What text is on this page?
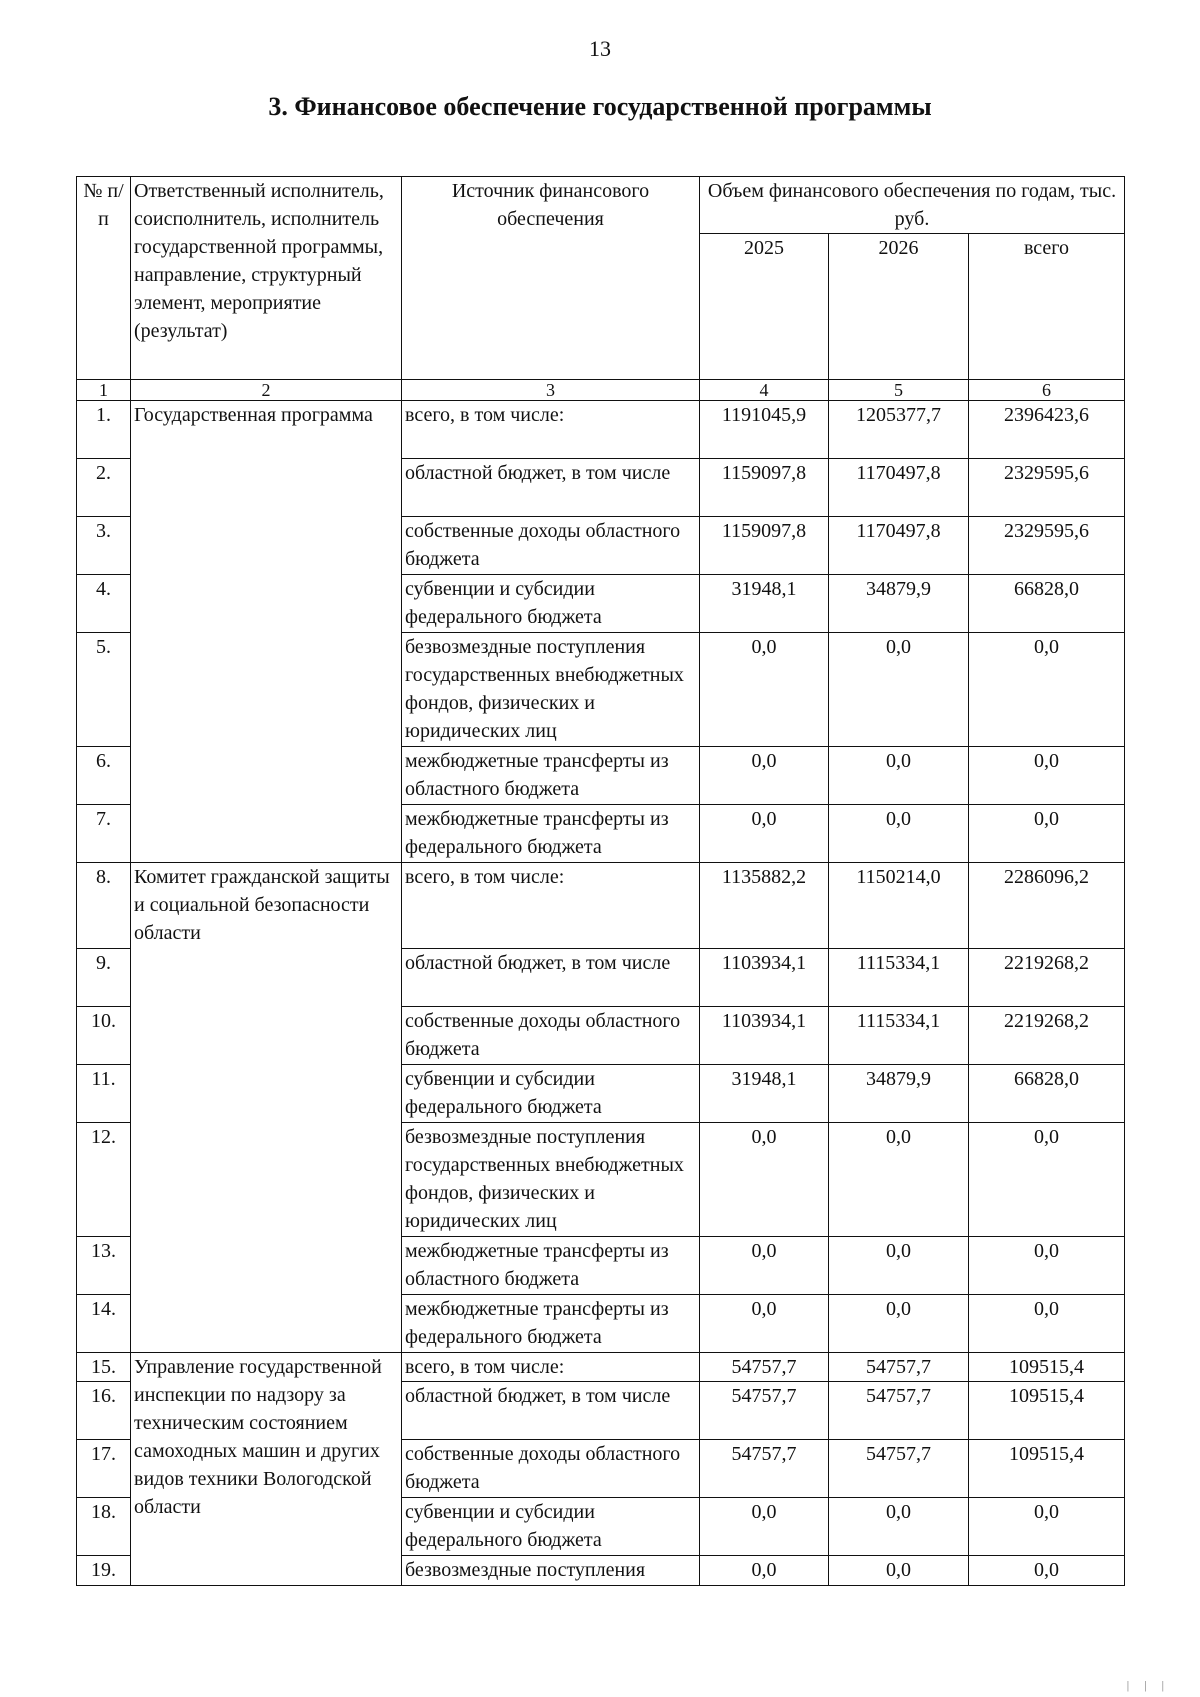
13
3. Финансовое обеспечение государственной программы
№ п/п	Ответственный исполнитель, соисполнитель, исполнитель государственной программы, направление, структурный элемент, мероприятие (результат)	Источник финансового обеспечения	Объем финансового обеспечения по годам, тыс. руб.		
			2025	2026	всего
1	2	3	4	5	6
1.	Государственная программа	всего, в том числе:	1191045,9	1205377,7	2396423,6
2.		областной бюджет, в том числе	1159097,8	1170497,8	2329595,6
3.		собственные доходы областного бюджета	1159097,8	1170497,8	2329595,6
4.		субвенции и субсидии федерального бюджета	31948,1	34879,9	66828,0
5.		безвозмездные поступления государственных внебюджетных фондов, физических и юридических лиц	0,0	0,0	0,0
6.		межбюджетные трансферты из областного бюджета	0,0	0,0	0,0
7.		межбюджетные трансферты из федерального бюджета	0,0	0,0	0,0
8.	Комитет гражданской защиты и социальной безопасности области	всего, в том числе:	1135882,2	1150214,0	2286096,2
9.		областной бюджет, в том числе	1103934,1	1115334,1	2219268,2
10.		собственные доходы областного бюджета	1103934,1	1115334,1	2219268,2
11.		субвенции и субсидии федерального бюджета	31948,1	34879,9	66828,0
12.		безвозмездные поступления государственных внебюджетных фондов, физических и юридических лиц	0,0	0,0	0,0
13.		межбюджетные трансферты из областного бюджета	0,0	0,0	0,0
14.		межбюджетные трансферты из федерального бюджета	0,0	0,0	0,0
15.	Управление государственной инспекции по надзору за техническим состоянием самоходных машин и других видов техники Вологодской области	всего, в том числе:	54757,7	54757,7	109515,4
16.		областной бюджет, в том числе	54757,7	54757,7	109515,4
17.		собственные доходы областного бюджета	54757,7	54757,7	109515,4
18.		субвенции и субсидии федерального бюджета	0,0	0,0	0,0
19.		безвозмездные поступления	0,0	0,0	0,0
| | |
